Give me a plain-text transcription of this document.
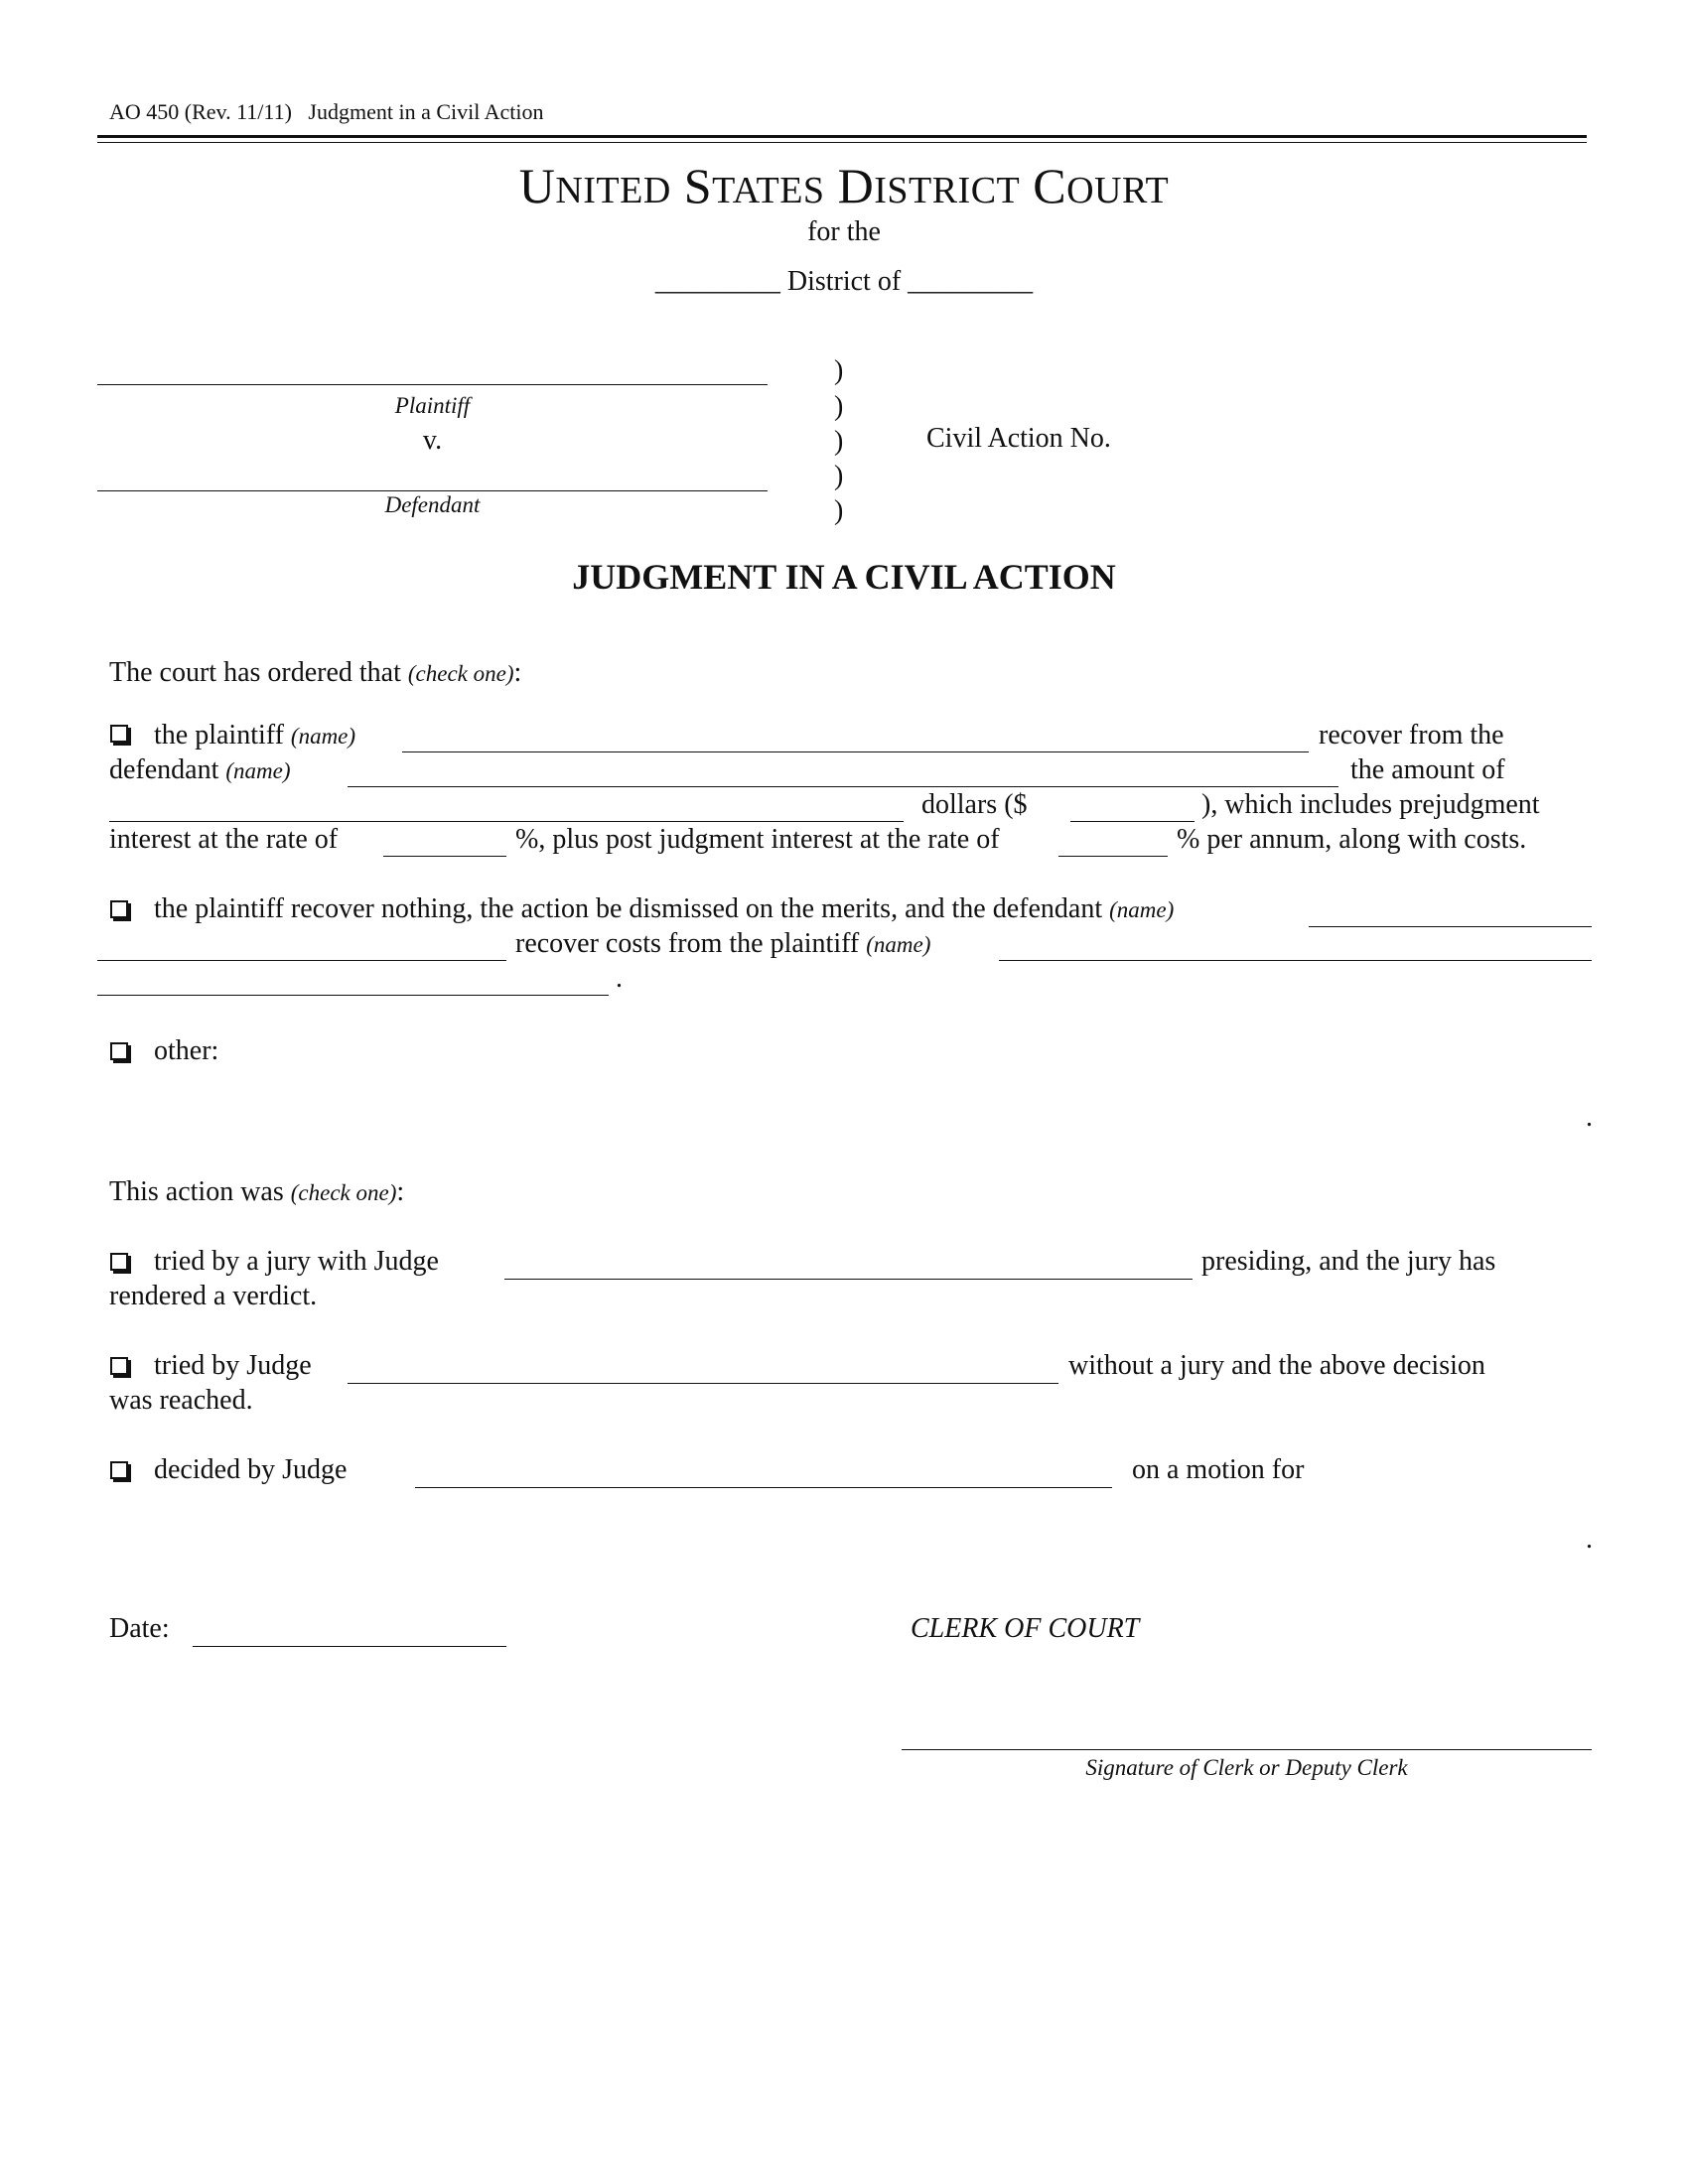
AO 450 (Rev. 11/11) Judgment in a Civil Action
UNITED STATES DISTRICT COURT
for the
_________ District of _________
Plaintiff
v.
Defendant
)
)
)
)
)
Civil Action No.
JUDGMENT IN A CIVIL ACTION
The court has ordered that (check one):
the plaintiff (name)	recover from the
defendant (name)	the amount of
dollars ($	), which includes prejudgment
interest at the rate of	%, plus post judgment interest at the rate of	% per annum, along with costs.
the plaintiff recover nothing, the action be dismissed on the merits, and the defendant (name)
recover costs from the plaintiff (name)
.
other:
.
This action was (check one):
tried by a jury with Judge	presiding, and the jury has
rendered a verdict.
tried by Judge	without a jury and the above decision
was reached.
decided by Judge	on a motion for
.
Date:	CLERK OF COURT
Signature of Clerk or Deputy Clerk
